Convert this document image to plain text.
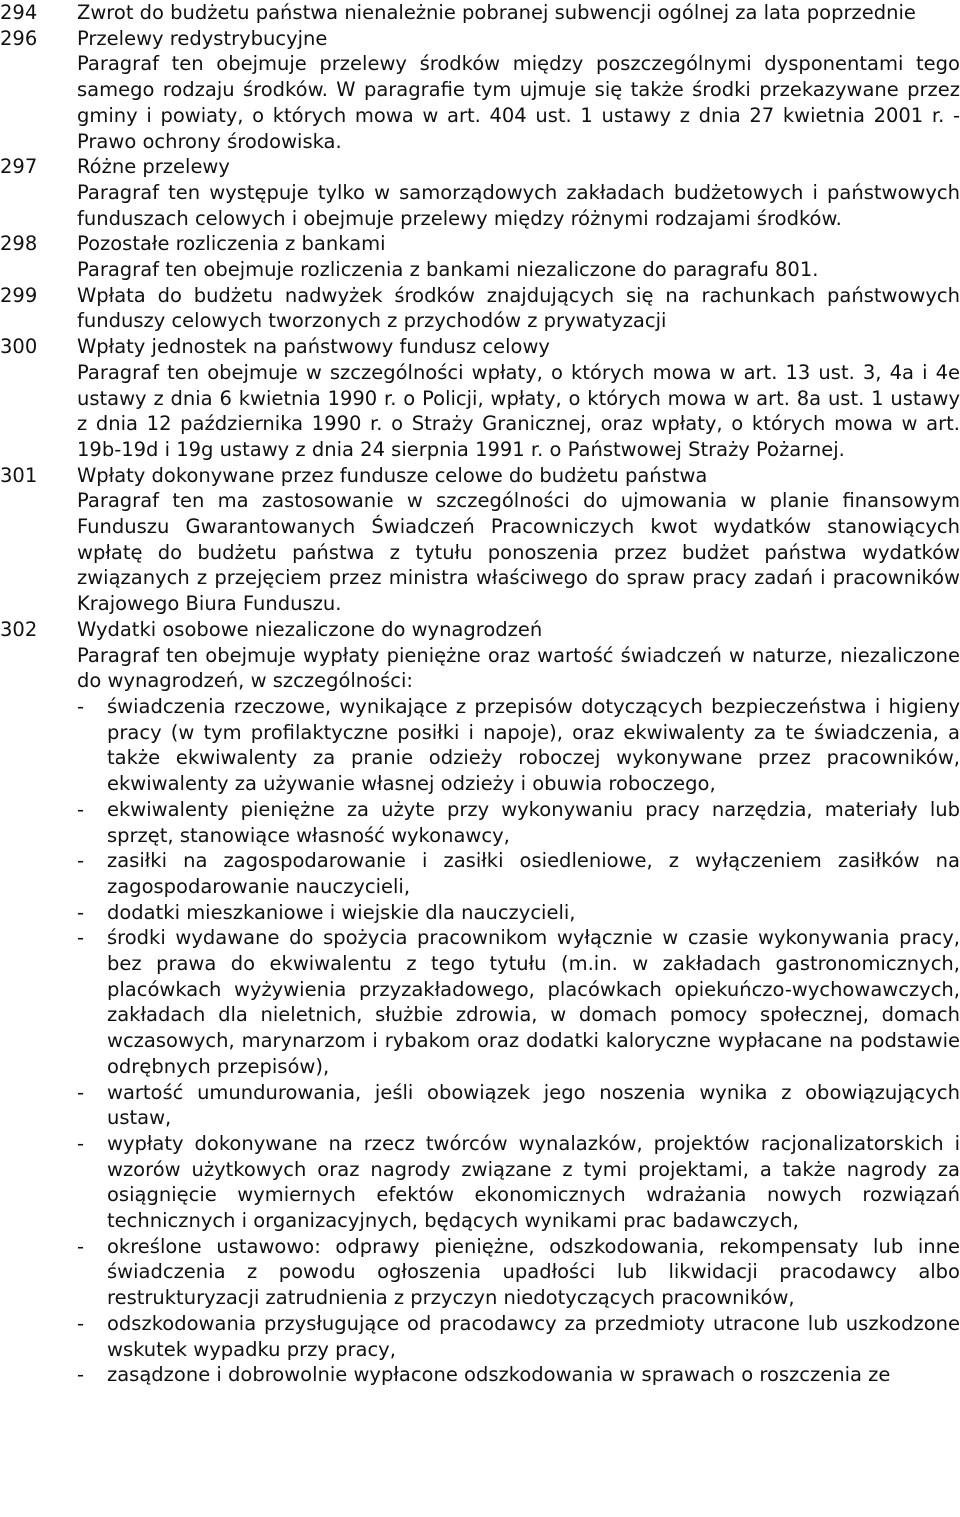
294	Zwrot do budżetu państwa nienależnie pobranej subwencji ogólnej za lata poprzednie
296	Przelewy redystrybucyjne
Paragraf ten obejmuje przelewy środków między poszczególnymi dysponentami tego samego rodzaju środków. W paragrafie tym ujmuje się także środki przekazywane przez gminy i powiaty, o których mowa w art. 404 ust. 1 ustawy z dnia 27 kwietnia 2001 r. - Prawo ochrony środowiska.
297	Różne przelewy
Paragraf ten występuje tylko w samorządowych zakładach budżetowych i państwowych funduszach celowych i obejmuje przelewy między różnymi rodzajami środków.
298	Pozostałe rozliczenia z bankami
Paragraf ten obejmuje rozliczenia z bankami niezaliczone do paragrafu 801.
299	Wpłata do budżetu nadwyżek środków znajdujących się na rachunkach państwowych funduszy celowych tworzonych z przychodów z prywatyzacji
300	Wpłaty jednostek na państwowy fundusz celowy
Paragraf ten obejmuje w szczególności wpłaty, o których mowa w art. 13 ust. 3, 4a i 4e ustawy z dnia 6 kwietnia 1990 r. o Policji, wpłaty, o których mowa w art. 8a ust. 1 ustawy z dnia 12 października 1990 r. o Straży Granicznej, oraz wpłaty, o których mowa w art. 19b-19d i 19g ustawy z dnia 24 sierpnia 1991 r. o Państwowej Straży Pożarnej.
301	Wpłaty dokonywane przez fundusze celowe do budżetu państwa
Paragraf ten ma zastosowanie w szczególności do ujmowania w planie finansowym Funduszu Gwarantowanych Świadczeń Pracowniczych kwot wydatków stanowiących wpłatę do budżetu państwa z tytułu ponoszenia przez budżet państwa wydatków związanych z przejęciem przez ministra właściwego do spraw pracy zadań i pracowników Krajowego Biura Funduszu.
302	Wydatki osobowe niezaliczone do wynagrodzeń
Paragraf ten obejmuje wypłaty pieniężne oraz wartość świadczeń w naturze, niezaliczone do wynagrodzeń, w szczególności:
-	świadczenia rzeczowe, wynikające z przepisów dotyczących bezpieczeństwa i higieny pracy (w tym profilaktyczne posiłki i napoje), oraz ekwiwalenty za te świadczenia, a także ekwiwalenty za pranie odzieży roboczej wykonywane przez pracowników, ekwiwalenty za używanie własnej odzieży i obuwia roboczego,
-	ekwiwalenty pieniężne za użyte przy wykonywaniu pracy narzędzia, materiały lub sprzęt, stanowiące własność wykonawcy,
-	zasiłki na zagospodarowanie i zasiłki osiedleniowe, z wyłączeniem zasiłków na zagospodarowanie nauczycieli,
-	dodatki mieszkaniowe i wiejskie dla nauczycieli,
-	środki wydawane do spożycia pracownikom wyłącznie w czasie wykonywania pracy, bez prawa do ekwiwalentu z tego tytułu (m.in. w zakładach gastronomicznych, placówkach wyżywienia przyzakładowego, placówkach opiekuńczo-wychowawczych, zakładach dla nieletnich, służbie zdrowia, w domach pomocy społecznej, domach wczasowych, marynarzom i rybakom oraz dodatki kaloryczne wypłacane na podstawie odrębnych przepisów),
-	wartość umundurowania, jeśli obowiązek jego noszenia wynika z obowiązujących ustaw,
-	wypłaty dokonywane na rzecz twórców wynalazków, projektów racjonalizatorskich i wzorów użytkowych oraz nagrody związane z tymi projektami, a także nagrody za osiągnięcie wymiernych efektów ekonomicznych wdrażania nowych rozwiązań technicznych i organizacyjnych, będących wynikami prac badawczych,
-	określone ustawowo: odprawy pieniężne, odszkodowania, rekompensaty lub inne świadczenia z powodu ogłoszenia upadłości lub likwidacji pracodawcy albo restrukturyzacji zatrudnienia z przyczyn niedotyczących pracowników,
-	odszkodowania przysługujące od pracodawcy za przedmioty utracone lub uszkodzone wskutek wypadku przy pracy,
-	zasądzone i dobrowolnie wypłacone odszkodowania w sprawach o roszczenia ze
